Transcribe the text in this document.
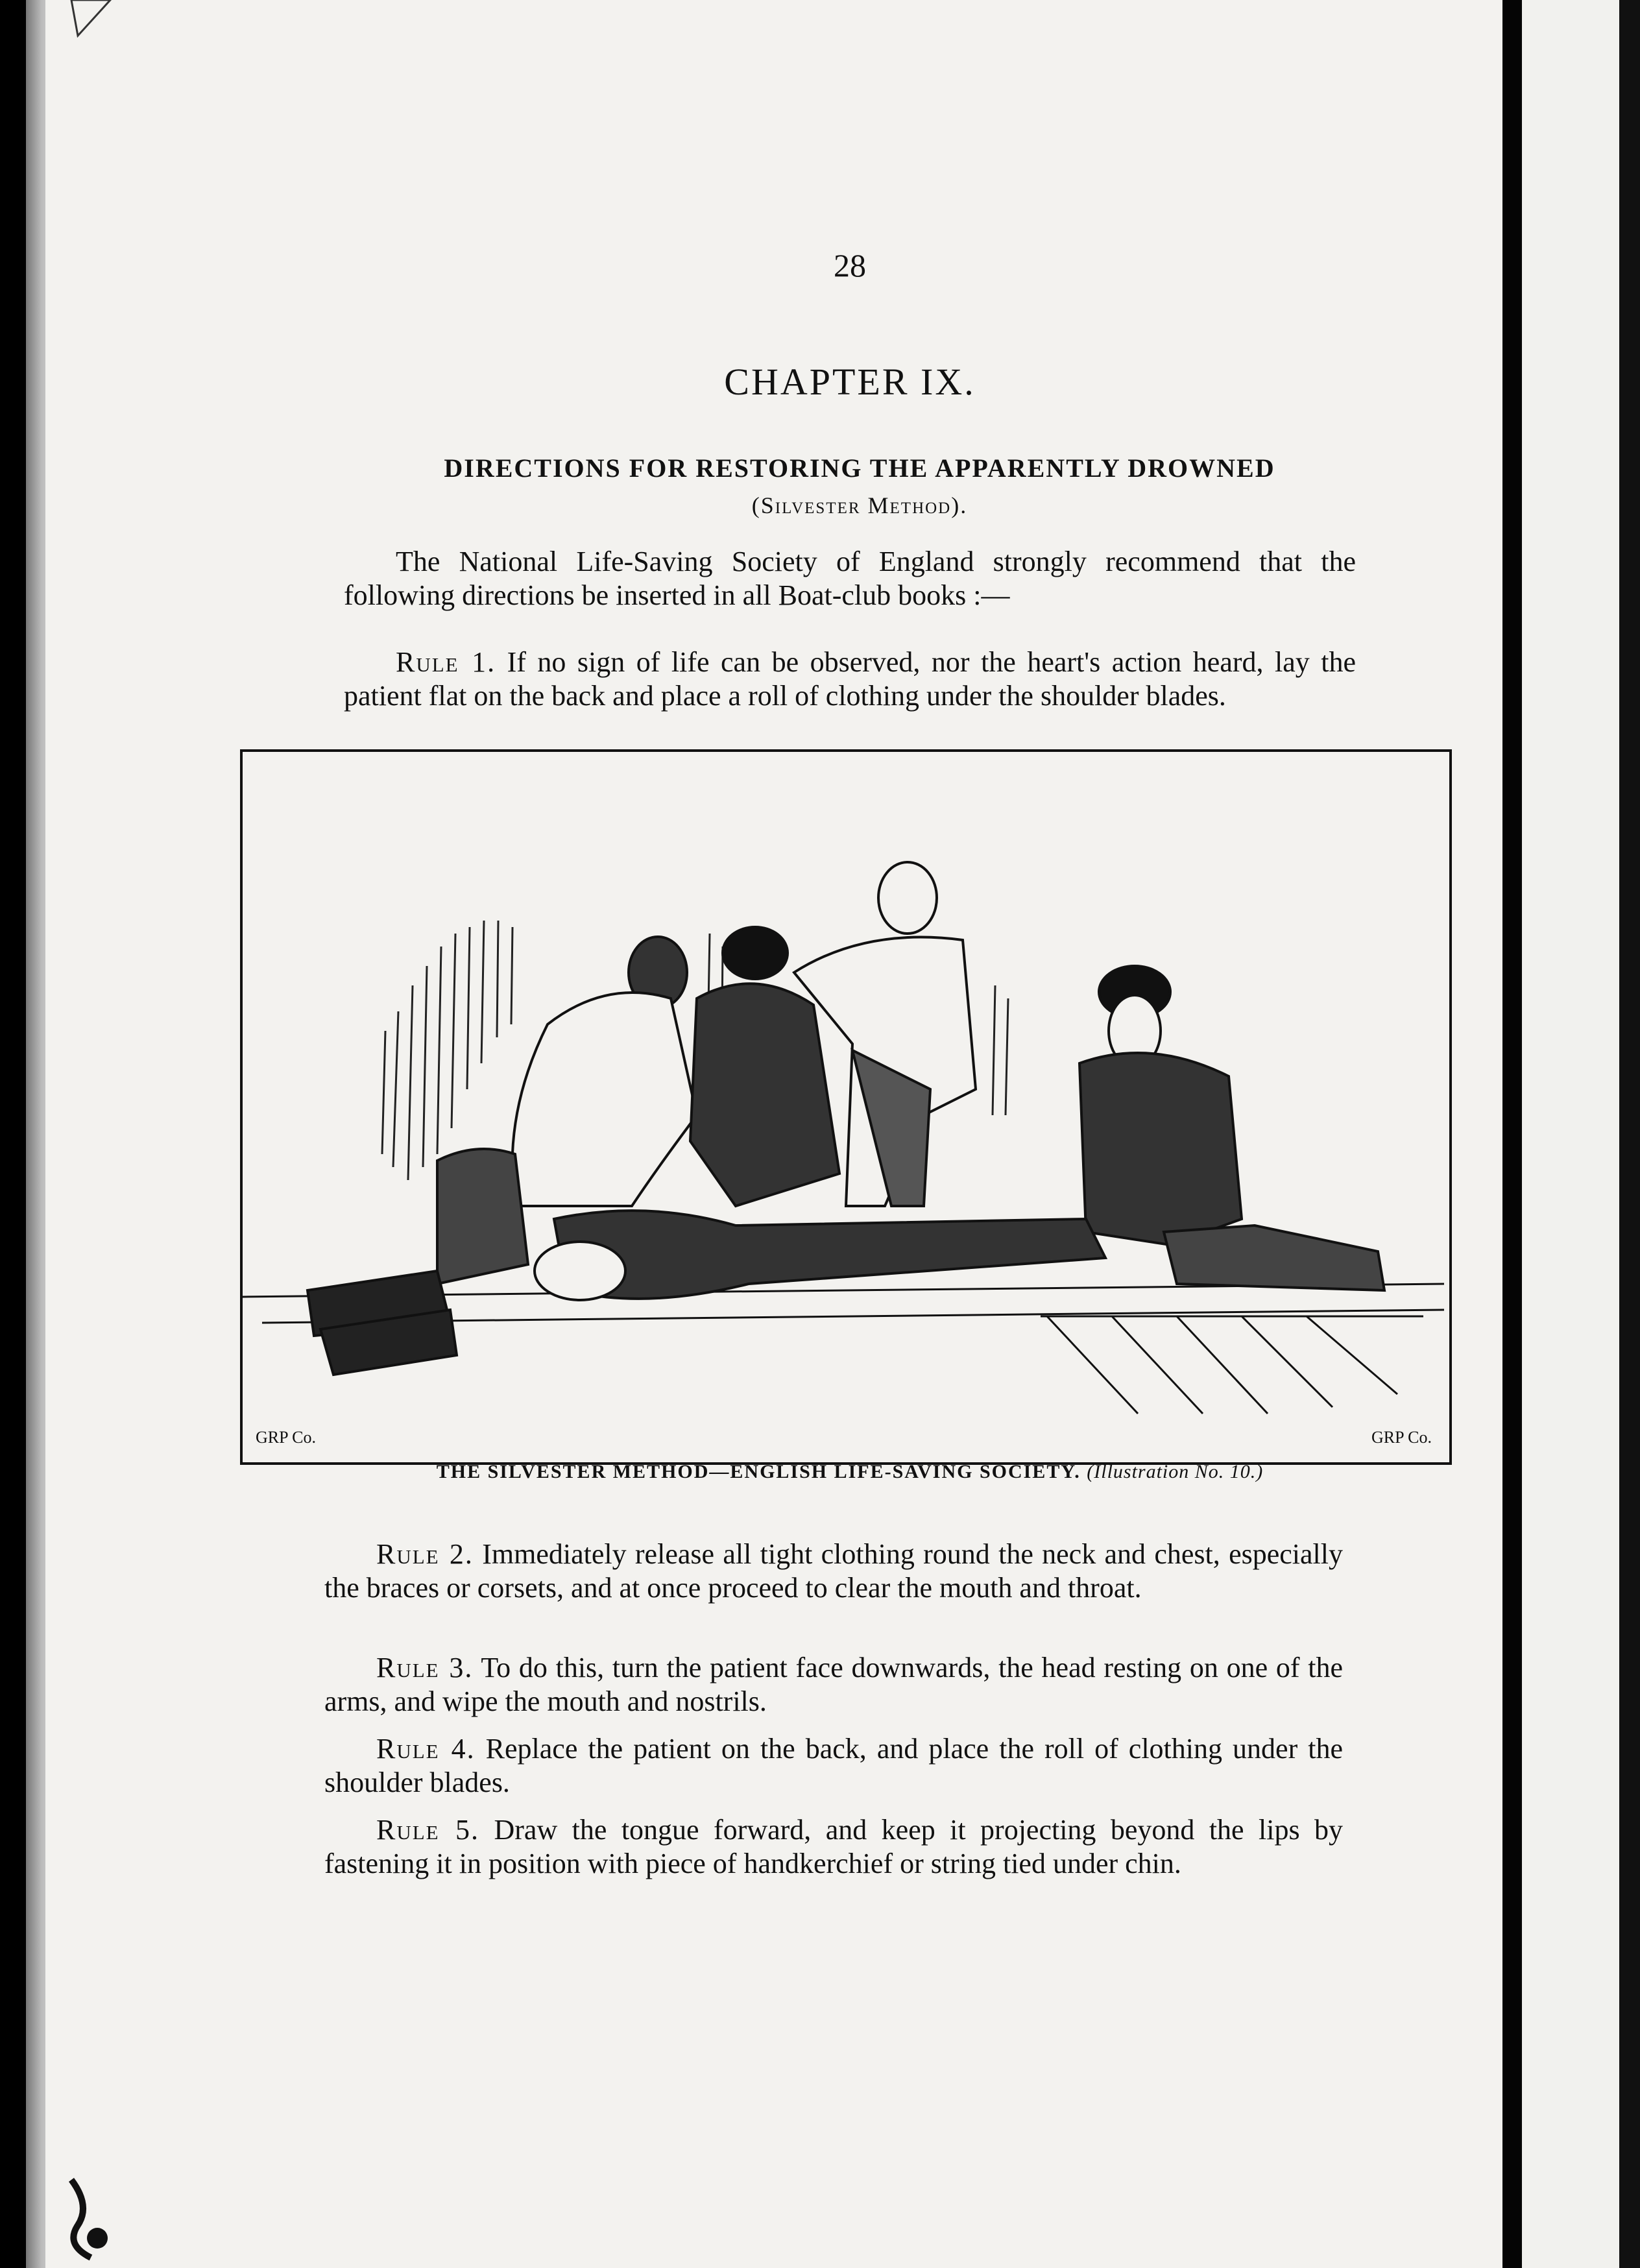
28
CHAPTER IX.
DIRECTIONS FOR RESTORING THE APPARENTLY DROWNED
(Silvester Method).
The National Life-Saving Society of England strongly recommend that the following directions be inserted in all Boat-club books :—
Rule 1. If no sign of life can be observed, nor the heart's action heard, lay the patient flat on the back and place a roll of clothing under the shoulder blades.
GRP Co.	GRP Co.
THE SILVESTER METHOD—ENGLISH LIFE-SAVING SOCIETY. (Illustration No. 10.)
Rule 2. Immediately release all tight clothing round the neck and chest, especially the braces or corsets, and at once proceed to clear the mouth and throat.
Rule 3. To do this, turn the patient face downwards, the head resting on one of the arms, and wipe the mouth and nostrils.
Rule 4. Replace the patient on the back, and place the roll of clothing under the shoulder blades.
Rule 5. Draw the tongue forward, and keep it projecting beyond the lips by fastening it in position with piece of handkerchief or string tied under chin.
